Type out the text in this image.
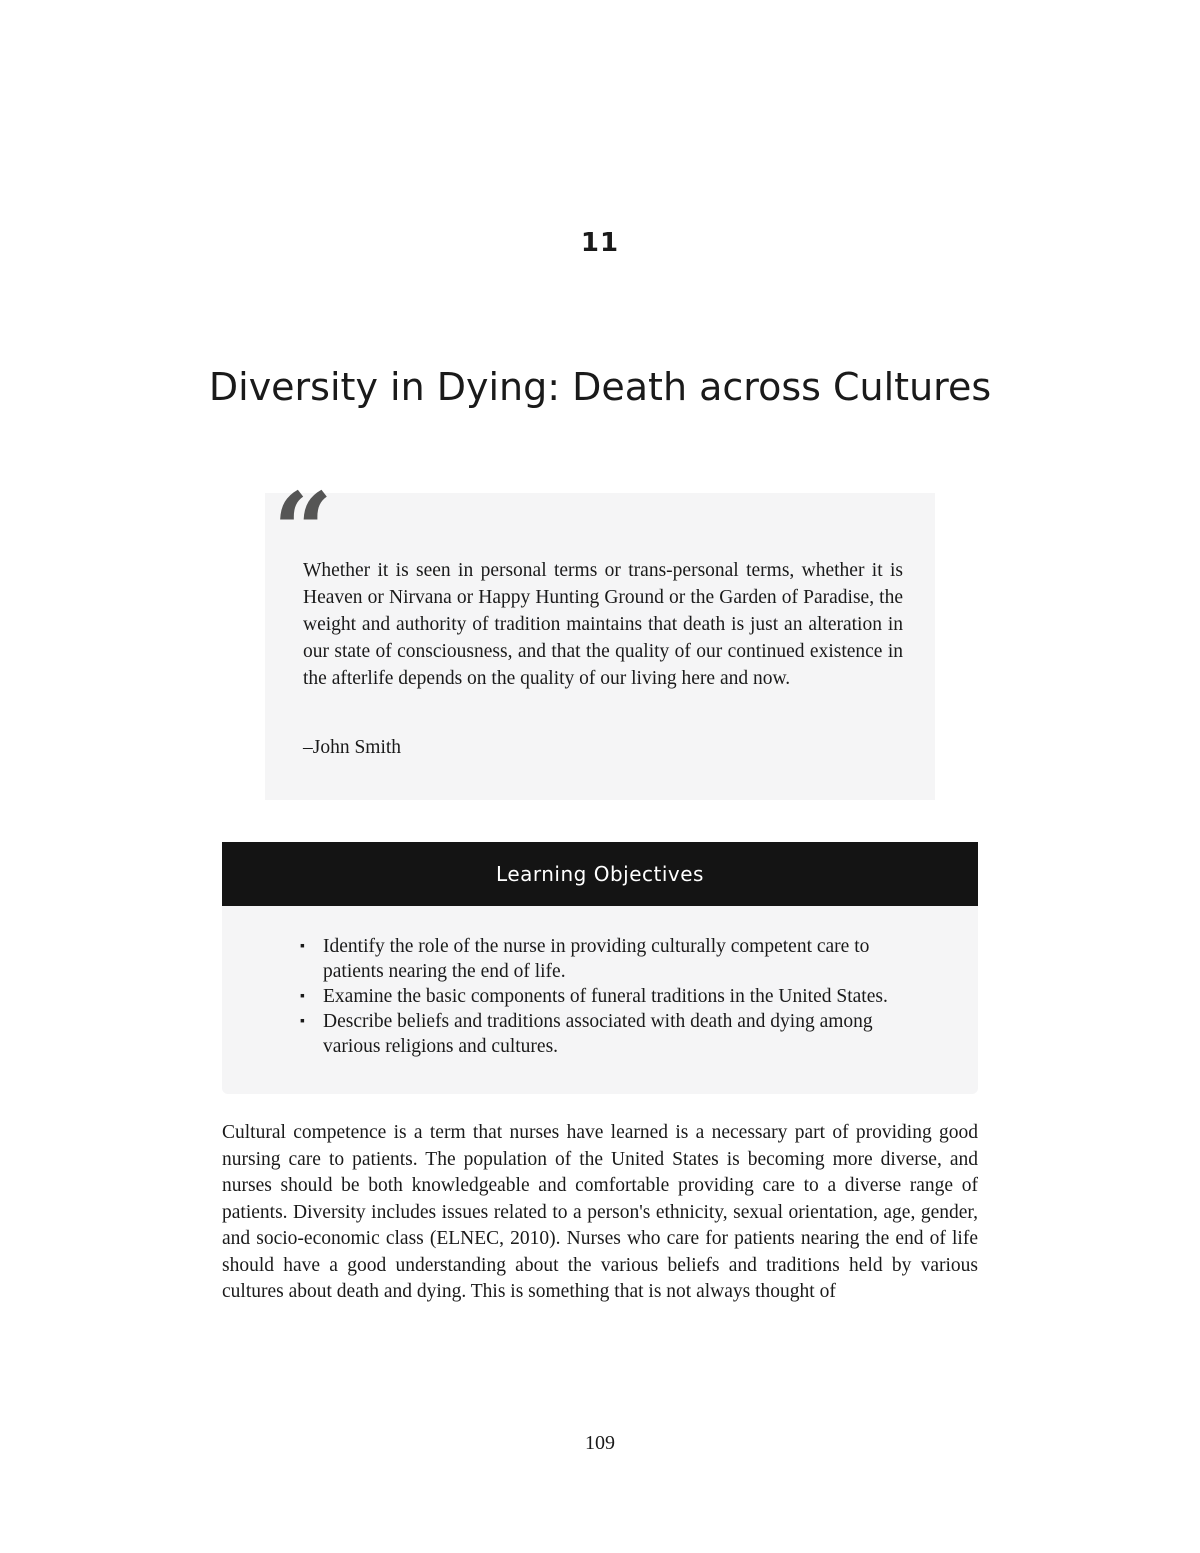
11
Diversity in Dying: Death across Cultures
“

Whether it is seen in personal terms or trans-personal terms, whether it is Heaven or Nirvana or Happy Hunting Ground or the Garden of Paradise, the weight and authority of tradition maintains that death is just an alteration in our state of consciousness, and that the quality of our continued existence in the afterlife depends on the quality of our living here and now.

–John Smith

Learning Objectives
▪ Identify the role of the nurse in providing culturally competent care to patients nearing the end of life.
▪ Examine the basic components of funeral traditions in the United States.
▪ Describe beliefs and traditions associated with death and dying among various religions and cultures.

Cultural competence is a term that nurses have learned is a necessary part of providing good nursing care to patients. The population of the United States is becoming more diverse, and nurses should be both knowledgeable and comfortable providing care to a diverse range of patients. Diversity includes issues related to a person's ethnicity, sexual orientation, age, gender, and socio-economic class (ELNEC, 2010). Nurses who care for patients nearing the end of life should have a good understanding about the various beliefs and traditions held by various cultures about death and dying. This is something that is not always thought of

109
